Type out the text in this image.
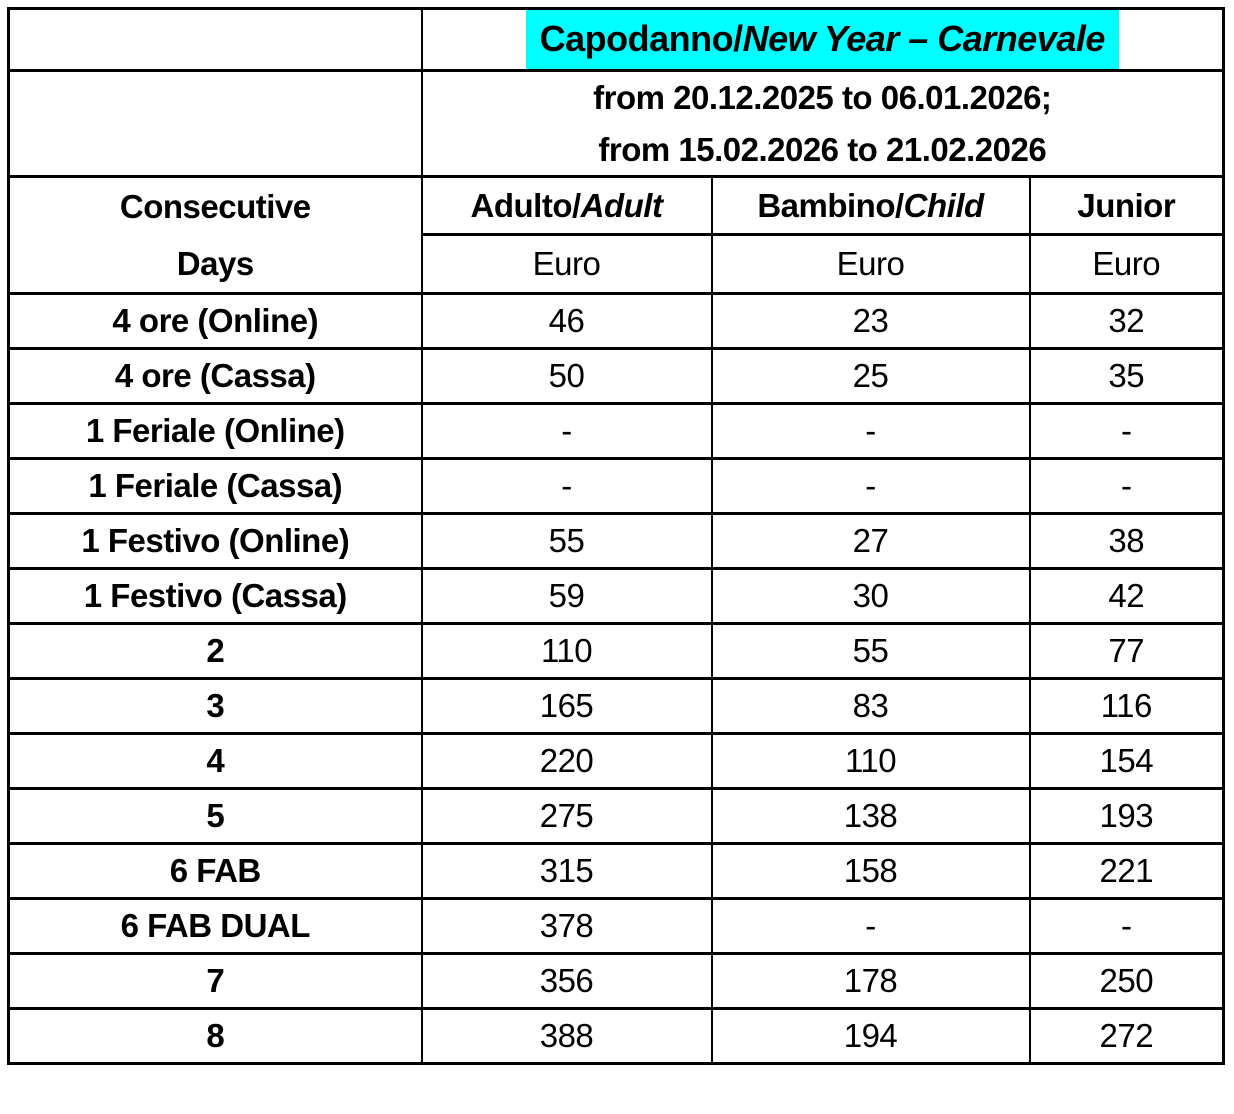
	Capodanno/New Year – Carnevale		

	from 20.12.2025 to 06.01.2026;
from 15.02.2026 to 21.02.2026		

Consecutive
Days	Adulto/Adult	Bambino/Child	Junior
	Euro	Euro	Euro
4 ore (Online)	46	23	32
4 ore (Cassa)	50	25	35
1 Feriale (Online)	-	-	-
1 Feriale (Cassa)	-	-	-
1 Festivo (Online)	55	27	38
1 Festivo (Cassa)	59	30	42
2	110	55	77
3	165	83	116
4	220	110	154
5	275	138	193
6 FAB	315	158	221
6 FAB DUAL	378	-	-
7	356	178	250
8	388	194	272
